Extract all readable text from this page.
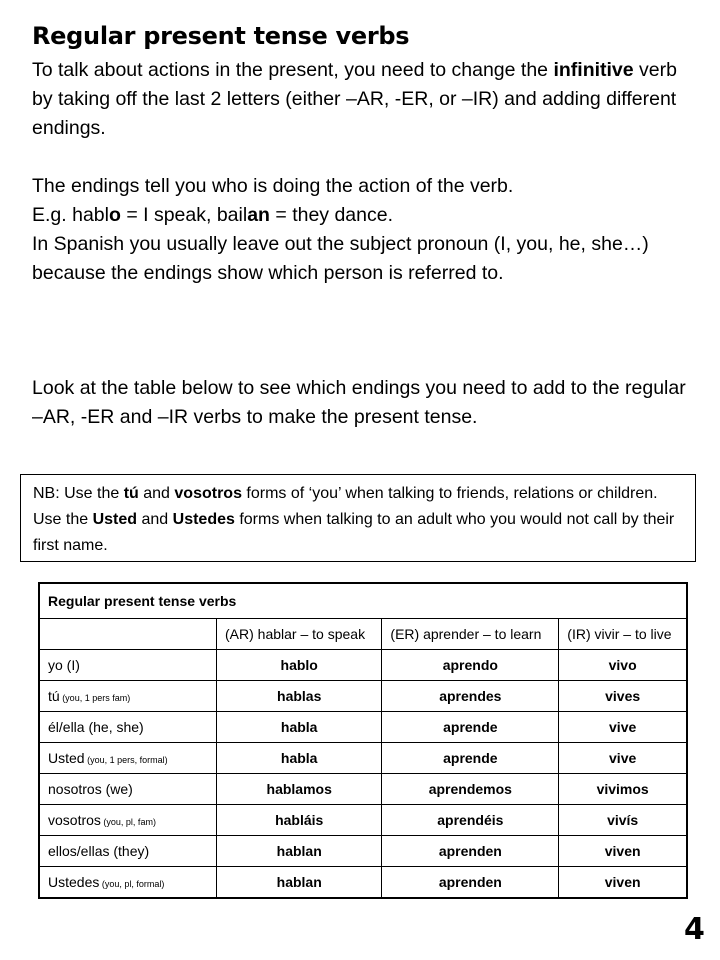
Regular present tense verbs
To talk about actions in the present, you need to change the infinitive verb by taking off the last 2 letters (either –AR, -ER, or –IR) and adding different endings.
The endings tell you who is doing the action of the verb.
E.g. hablo = I speak, bailan = they dance.
In Spanish you usually leave out the subject pronoun (I, you, he, she…) because the endings show which person is referred to.
Look at the table below to see which endings you need to add to the regular –AR, -ER and –IR verbs to make the present tense.
NB: Use the tú and vosotros forms of ‘you’ when talking to friends, relations or children. Use the Usted and Ustedes forms when talking to an adult who you would not call by their first name.
Regular present tense verbs			
	(AR) hablar – to speak	(ER) aprender – to learn	(IR) vivir – to live
yo (I)	hablo	aprendo	vivo
tú (you, 1 pers fam)	hablas	aprendes	vives
él/ella (he, she)	habla	aprende	vive
Usted (you, 1 pers, formal)	habla	aprende	vive
nosotros (we)	hablamos	aprendemos	vivimos
vosotros (you, pl, fam)	habláis	aprendéis	vivís
ellos/ellas (they)	hablan	aprenden	viven
Ustedes (you, pl, formal)	hablan	aprenden	viven
4
